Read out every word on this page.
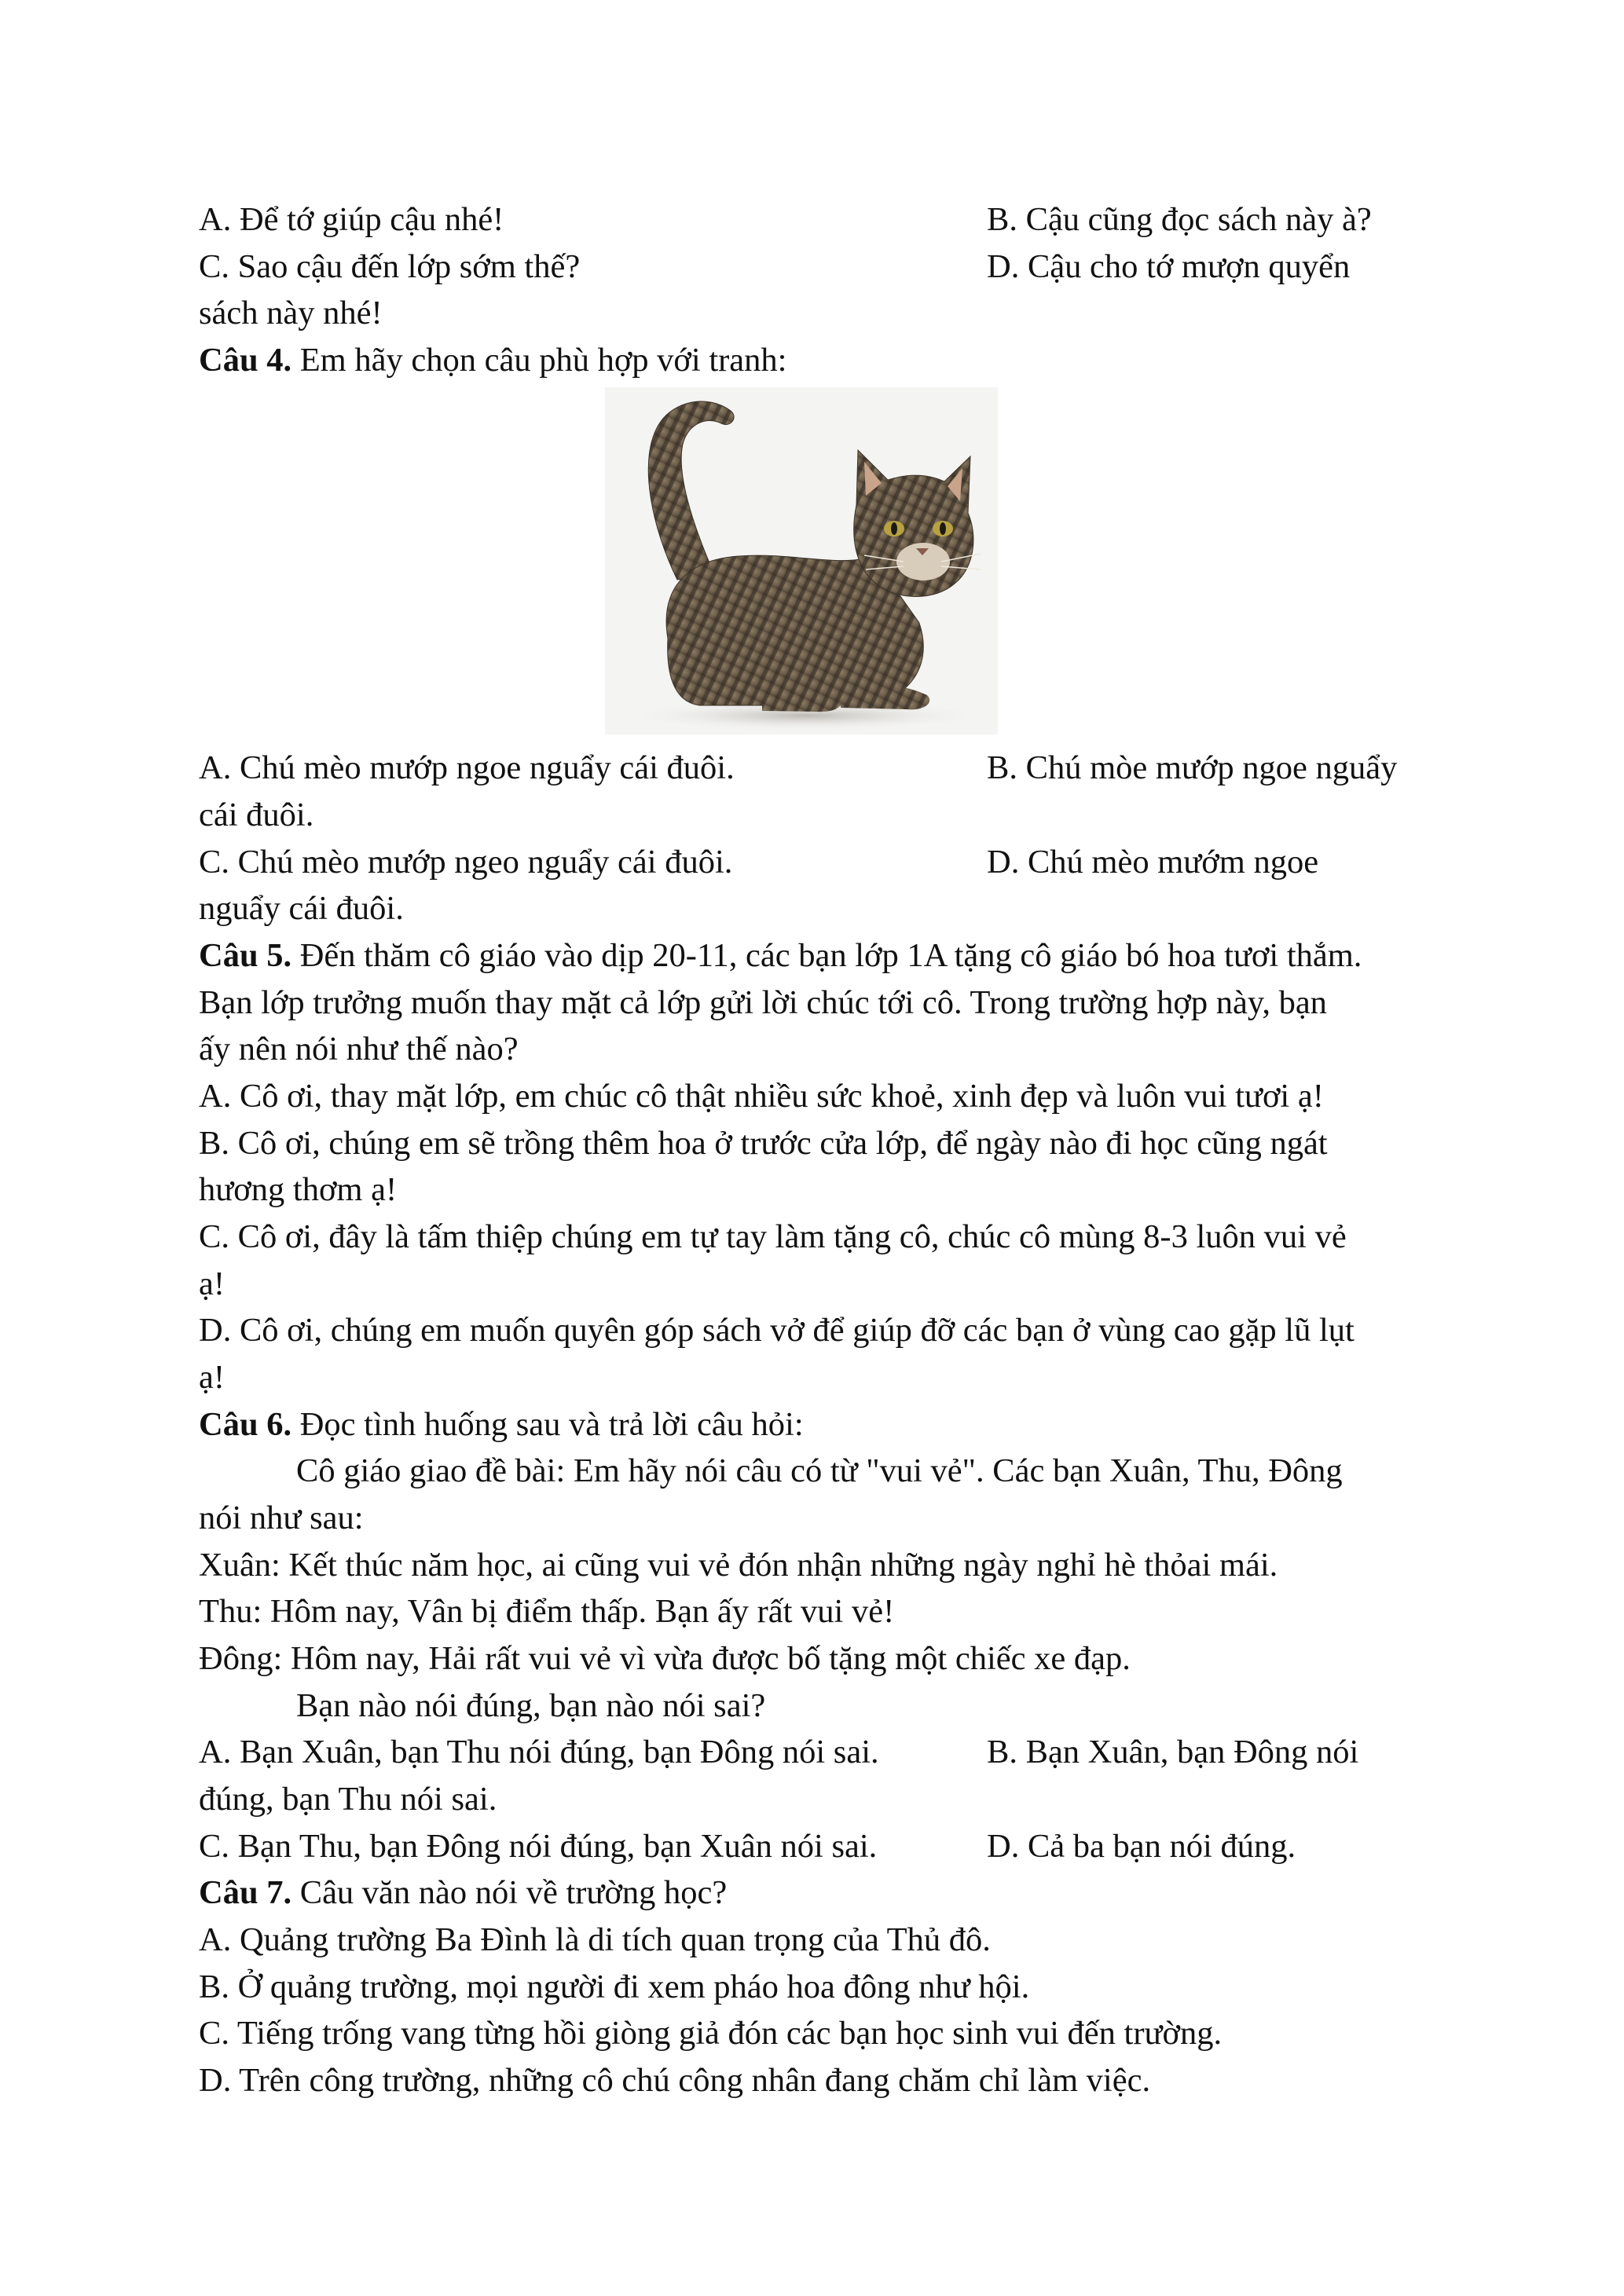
A. Để tớ giúp cậu nhé!	B. Cậu cũng đọc sách này à?
C. Sao cậu đến lớp sớm thế?	D. Cậu cho tớ mượn quyển
sách này nhé!
Câu 4. Em hãy chọn câu phù hợp với tranh:
A. Chú mèo mướp ngoe nguẩy cái đuôi.	B. Chú mòe mướp ngoe nguẩy
cái đuôi.
C. Chú mèo mướp ngeo nguẩy cái đuôi.	D. Chú mèo mướm ngoe
nguẩy cái đuôi.
Câu 5. Đến thăm cô giáo vào dịp 20-11, các bạn lớp 1A tặng cô giáo bó hoa tươi thắm.
Bạn lớp trưởng muốn thay mặt cả lớp gửi lời chúc tới cô. Trong trường hợp này, bạn
ấy nên nói như thế nào?
A. Cô ơi, thay mặt lớp, em chúc cô thật nhiều sức khoẻ, xinh đẹp và luôn vui tươi ạ!
B. Cô ơi, chúng em sẽ trồng thêm hoa ở trước cửa lớp, để ngày nào đi học cũng ngát
hương thơm ạ!
C. Cô ơi, đây là tấm thiệp chúng em tự tay làm tặng cô, chúc cô mùng 8-3 luôn vui vẻ
ạ!
D. Cô ơi, chúng em muốn quyên góp sách vở để giúp đỡ các bạn ở vùng cao gặp lũ lụt
ạ!
Câu 6. Đọc tình huống sau và trả lời câu hỏi:
Cô giáo giao đề bài: Em hãy nói câu có từ "vui vẻ". Các bạn Xuân, Thu, Đông
nói như sau:
Xuân: Kết thúc năm học, ai cũng vui vẻ đón nhận những ngày nghỉ hè thỏai mái.
Thu: Hôm nay, Vân bị điểm thấp. Bạn ấy rất vui vẻ!
Đông: Hôm nay, Hải rất vui vẻ vì vừa được bố tặng một chiếc xe đạp.
Bạn nào nói đúng, bạn nào nói sai?
A. Bạn Xuân, bạn Thu nói đúng, bạn Đông nói sai.	B. Bạn Xuân, bạn Đông nói
đúng, bạn Thu nói sai.
C. Bạn Thu, bạn Đông nói đúng, bạn Xuân nói sai.	D. Cả ba bạn nói đúng.
Câu 7. Câu văn nào nói về trường học?
A. Quảng trường Ba Đình là di tích quan trọng của Thủ đô.
B. Ở quảng trường, mọi người đi xem pháo hoa đông như hội.
C. Tiếng trống vang từng hồi giòng giả đón các bạn học sinh vui đến trường.
D. Trên công trường, những cô chú công nhân đang chăm chỉ làm việc.
